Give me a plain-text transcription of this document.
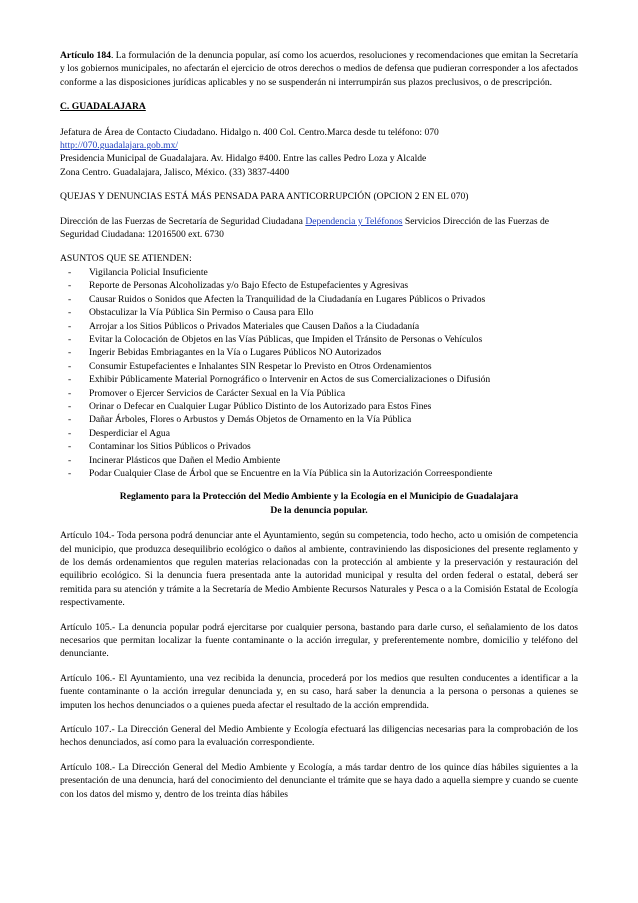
Artículo 184. La formulación de la denuncia popular, así como los acuerdos, resoluciones y recomendaciones que emitan la Secretaría y los gobiernos municipales, no afectarán el ejercicio de otros derechos o medios de defensa que pudieran corresponder a los afectados conforme a las disposiciones jurídicas aplicables y no se suspenderán ni interrumpirán sus plazos preclusivos, o de prescripción.

C. GUADALAJARA

Jefatura de Área de Contacto Ciudadano. Hidalgo n. 400 Col. Centro.Marca desde tu teléfono: 070
http://070.guadalajara.gob.mx/
Presidencia Municipal de Guadalajara. Av. Hidalgo #400. Entre las calles Pedro Loza y Alcalde
Zona Centro. Guadalajara, Jalisco, México. (33) 3837-4400

QUEJAS Y DENUNCIAS ESTÁ MÁS PENSADA PARA ANTICORRUPCIÓN (OPCION 2 EN EL 070)

Dirección de las Fuerzas de Secretaría de Seguridad Ciudadana Dependencia y Teléfonos Servicios Dirección de las Fuerzas de Seguridad Ciudadana: 12016500 ext. 6730

ASUNTOS QUE SE ATIENDEN:
- Vigilancia Policial Insuficiente
- Reporte de Personas Alcoholizadas y/o Bajo Efecto de Estupefacientes y Agresivas
- Causar Ruidos o Sonidos que Afecten la Tranquilidad de la Ciudadanía en Lugares Públicos o Privados
- Obstaculizar la Vía Pública Sin Permiso o Causa para Ello
- Arrojar a los Sitios Públicos o Privados Materiales que Causen Daños a la Ciudadanía
- Evitar la Colocación de Objetos en las Vías Públicas, que Impiden el Tránsito de Personas o Vehículos
- Ingerir Bebidas Embriagantes en la Vía o Lugares Públicos NO Autorizados
- Consumir Estupefacientes e Inhalantes SIN Respetar lo Previsto en Otros Ordenamientos
- Exhibir Públicamente Material Pornográfico o Intervenir en Actos de sus Comercializaciones o Difusión
- Promover o Ejercer Servicios de Carácter Sexual en la Vía Pública
- Orinar o Defecar en Cualquier Lugar Público Distinto de los Autorizado para Estos Fines
- Dañar Árboles, Flores o Arbustos y Demás Objetos de Ornamento en la Vía Pública
- Desperdiciar el Agua
- Contaminar los Sitios Públicos o Privados
- Incinerar Plásticos que Dañen el Medio Ambiente
- Podar Cualquier Clase de Árbol que se Encuentre en la Vía Pública sin la Autorización Correespondiente
Reglamento para la Protección del Medio Ambiente y la Ecología en el Municipio de Guadalajara
De la denuncia popular.

Artículo 104.- Toda persona podrá denunciar ante el Ayuntamiento, según su competencia, todo hecho, acto u omisión de competencia del municipio, que produzca desequilibrio ecológico o daños al ambiente, contraviniendo las disposiciones del presente reglamento y de los demás ordenamientos que regulen materias relacionadas con la protección al ambiente y la preservación y restauración del equilibrio ecológico. Si la denuncia fuera presentada ante la autoridad municipal y resulta del orden federal o estatal, deberá ser remitida para su atención y trámite a la Secretaría de Medio Ambiente Recursos Naturales y Pesca o a la Comisión Estatal de Ecología respectivamente.

Artículo 105.- La denuncia popular podrá ejercitarse por cualquier persona, bastando para darle curso, el señalamiento de los datos necesarios que permitan localizar la fuente contaminante o la acción irregular, y preferentemente nombre, domicilio y teléfono del denunciante.

Artículo 106.- El Ayuntamiento, una vez recibida la denuncia, procederá por los medios que resulten conducentes a identificar a la fuente contaminante o la acción irregular denunciada y, en su caso, hará saber la denuncia a la persona o personas a quienes se imputen los hechos denunciados o a quienes pueda afectar el resultado de la acción emprendida.

Artículo 107.- La Dirección General del Medio Ambiente y Ecología efectuará las diligencias necesarias para la comprobación de los hechos denunciados, así como para la evaluación correspondiente.

Artículo 108.- La Dirección General del Medio Ambiente y Ecología, a más tardar dentro de los quince días hábiles siguientes a la presentación de una denuncia, hará del conocimiento del denunciante el trámite que se haya dado a aquella siempre y cuando se cuente con los datos del mismo y, dentro de los treinta días hábiles
